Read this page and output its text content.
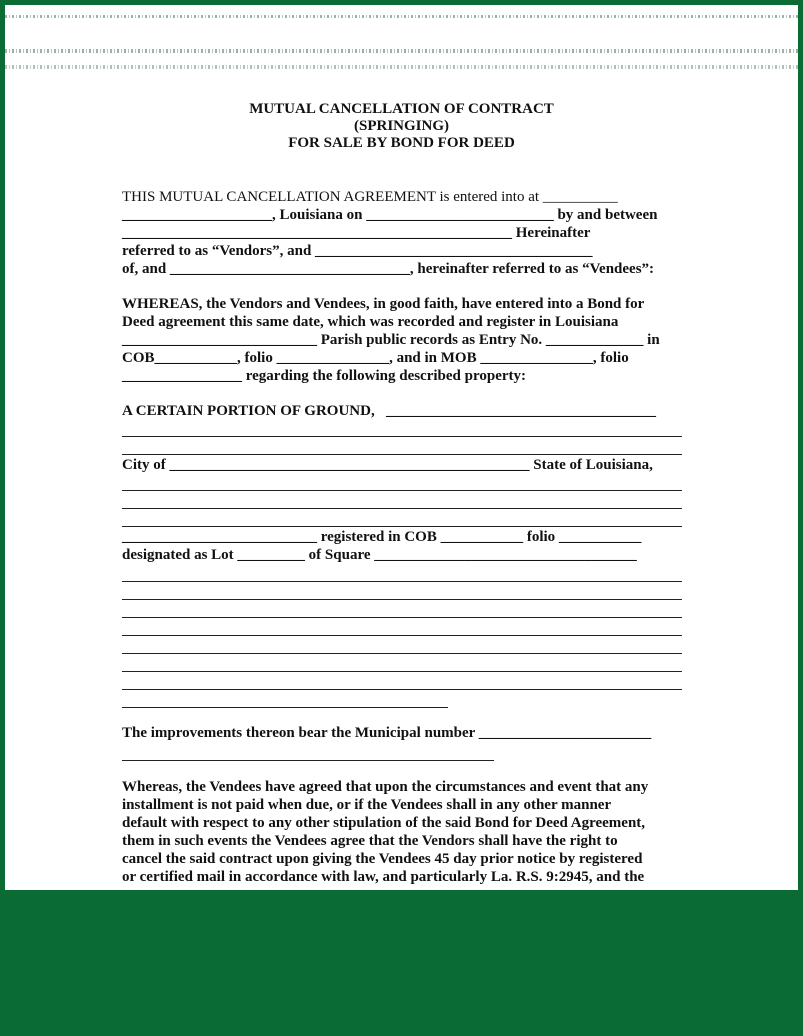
MUTUAL CANCELLATION OF CONTRACT
(SPRINGING)
FOR SALE BY BOND FOR DEED
THIS MUTUAL CANCELLATION AGREEMENT is entered into at __________
____________________, Louisiana on _________________________ by and between
____________________________________________________ Hereinafter
referred to as “Vendors”, and _____________________________________
of, and ________________________________, hereinafter referred to as “Vendees”:
WHEREAS, the Vendors and Vendees, in good faith, have entered into a Bond for
Deed agreement this same date, which was recorded and register in Louisiana
__________________________ Parish public records as Entry No. _____________ in
COB___________, folio _______________, and in MOB _______________, folio
________________ regarding the following described property:
A CERTAIN PORTION OF GROUND,   ____________________________________
City of ________________________________________________ State of Louisiana,
__________________________ registered in COB ___________ folio ___________
designated as Lot _________ of Square ___________________________________
The improvements thereon bear the Municipal number _______________________
Whereas, the Vendees have agreed that upon the circumstances and event that any
installment is not paid when due, or if the Vendees shall in any other manner
default with respect to any other stipulation of the said Bond for Deed Agreement,
them in such events the Vendees agree that the Vendors shall have the right to
cancel the said contract upon giving the Vendees 45 day prior notice by registered
or certified mail in accordance with law, and particularly La. R.S. 9:2945, and the
